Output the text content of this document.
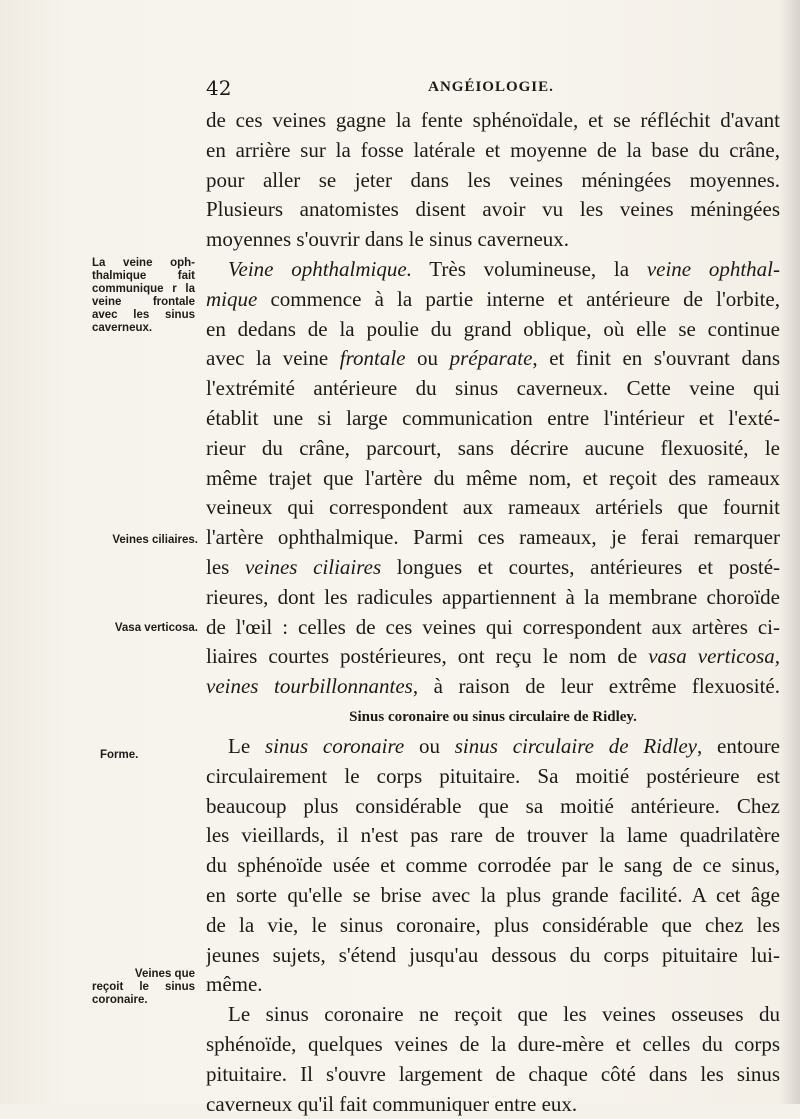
42	ANGÉIOLOGIE.
La veine oph-
thalmique fait
communique r la
veine frontale
avec les sinus
caverneux.
Veines ciliaires.
Vasa verticosa.
Forme.
Veines que
reçoit le sinus
coronaire.
de ces veines gagne la fente sphénoïdale, et se réfléchit d'avant
en arrière sur la fosse latérale et moyenne de la base du crâne,
pour aller se jeter dans les veines méningées moyennes.
Plusieurs anatomistes disent avoir vu les veines méningées
moyennes s'ouvrir dans le sinus caverneux.
Veine ophthalmique. Très volumineuse, la veine ophthal-
mique commence à la partie interne et antérieure de l'orbite,
en dedans de la poulie du grand oblique, où elle se continue
avec la veine frontale ou préparate, et finit en s'ouvrant dans
l'extrémité antérieure du sinus caverneux. Cette veine qui
établit une si large communication entre l'intérieur et l'exté-
rieur du crâne, parcourt, sans décrire aucune flexuosité, le
même trajet que l'artère du même nom, et reçoit des rameaux
veineux qui correspondent aux rameaux artériels que fournit
l'artère ophthalmique. Parmi ces rameaux, je ferai remarquer
les veines ciliaires longues et courtes, antérieures et posté-
rieures, dont les radicules appartiennent à la membrane choroïde
de l'œil : celles de ces veines qui correspondent aux artères ci-
liaires courtes postérieures, ont reçu le nom de vasa verticosa,
veines tourbillonnantes, à raison de leur extrême flexuosité.
Sinus coronaire ou sinus circulaire de Ridley.
Le sinus coronaire ou sinus circulaire de Ridley, entoure
circulairement le corps pituitaire. Sa moitié postérieure est
beaucoup plus considérable que sa moitié antérieure. Chez
les vieillards, il n'est pas rare de trouver la lame quadrilatère
du sphénoïde usée et comme corrodée par le sang de ce sinus,
en sorte qu'elle se brise avec la plus grande facilité. A cet âge
de la vie, le sinus coronaire, plus considérable que chez les
jeunes sujets, s'étend jusqu'au dessous du corps pituitaire lui-
même.
Le sinus coronaire ne reçoit que les veines osseuses du
sphénoïde, quelques veines de la dure-mère et celles du corps
pituitaire. Il s'ouvre largement de chaque côté dans les sinus
caverneux qu'il fait communiquer entre eux.
